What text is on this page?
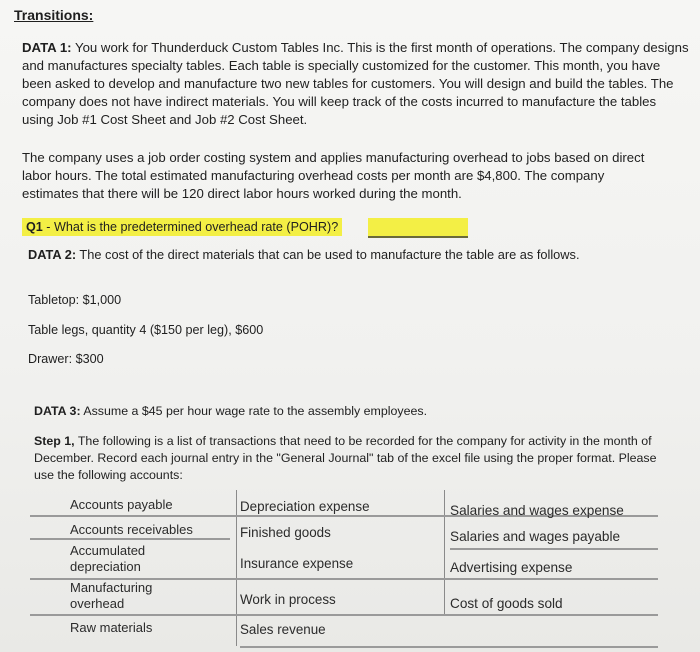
Transitions:

DATA 1: You work for Thunderduck Custom Tables Inc. This is the first month of operations. The company designs and manufactures specialty tables. Each table is specially customized for the customer. This month, you have been asked to develop and manufacture two new tables for customers. You will design and build the tables. The company does not have indirect materials. You will keep track of the costs incurred to manufacture the tables using Job #1 Cost Sheet and Job #2 Cost Sheet.

The company uses a job order costing system and applies manufacturing overhead to jobs based on direct labor hours. The total estimated manufacturing overhead costs per month are $4,800. The company estimates that there will be 120 direct labor hours worked during the month.

Q1 - What is the predetermined overhead rate (POHR)?

DATA 2: The cost of the direct materials that can be used to manufacture the table are as follows.

Tabletop: $1,000
Table legs, quantity 4 ($150 per leg), $600
Drawer: $300

DATA 3: Assume a $45 per hour wage rate to the assembly employees.

Step 1, The following is a list of transactions that need to be recorded for the company for activity in the month of December. Record each journal entry in the "General Journal" tab of the excel file using the proper format. Please use the following accounts:

Accounts payable
Accounts receivables
Accumulated depreciation
Manufacturing overhead
Raw materials
Depreciation expense
Finished goods
Insurance expense
Work in process
Sales revenue
Salaries and wages expense
Salaries and wages payable
Advertising expense
Cost of goods sold
